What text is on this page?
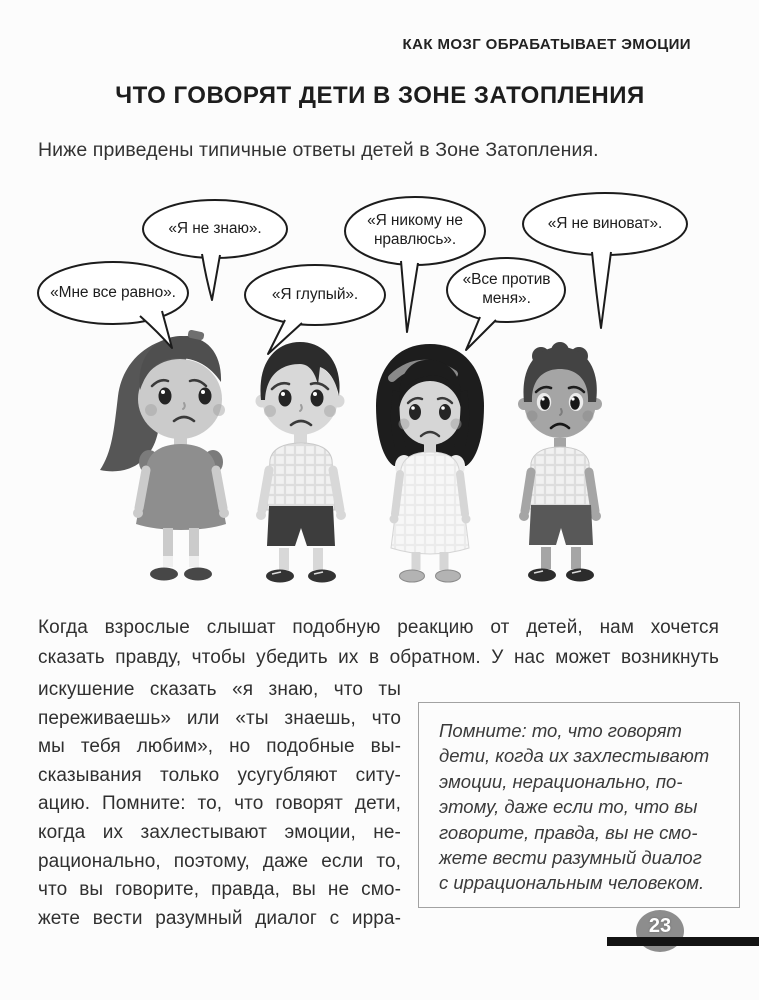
КАК МОЗГ ОБРАБАТЫВАЕТ ЭМОЦИИ
ЧТО ГОВОРЯТ ДЕТИ В ЗОНЕ ЗАТОПЛЕНИЯ
Ниже приведены типичные ответы детей в Зоне Затопления.
«Мне все равно».
«Я не знаю».
«Я глупый».
«Я никому не нравлюсь».
«Все против меня».
«Я не виноват».
Когда взрослые слышат подобную реакцию от детей, нам хочется
сказать правду, чтобы убедить их в обратном. У нас может возникнуть
искушение сказать «я знаю, что ты
переживаешь» или «ты знаешь, что
мы тебя любим», но подобные вы-
сказывания только усугубляют ситу-
ацию. Помните: то, что говорят дети,
когда их захлестывают эмоции, не-
рационально, поэтому, даже если то,
что вы говорите, правда, вы не смо-
жете вести разумный диалог с ирра-
Помните: то, что говорят
дети, когда их захлестывают
эмоции, нерационально, по-
этому, даже если то, что вы
говорите, правда, вы не смо-
жете вести разумный диалог
с иррациональным человеком.
23
